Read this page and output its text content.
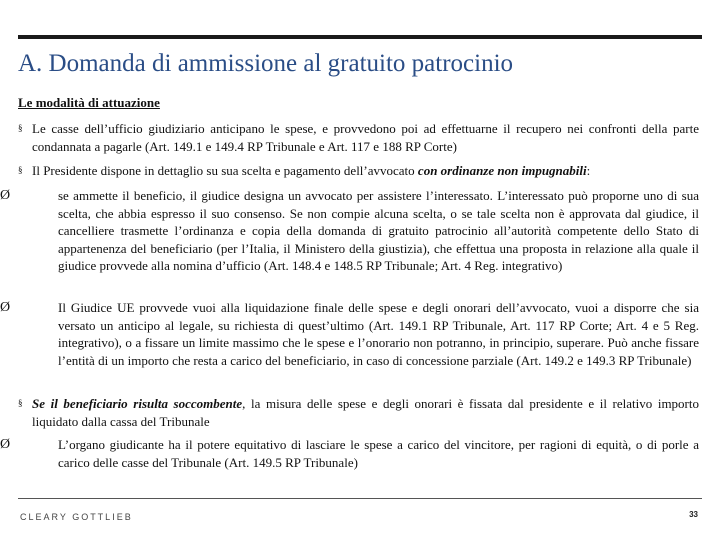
A. Domanda di ammissione al gratuito patrocinio
Le modalità di attuazione
§ Le casse dell’ufficio giudiziario anticipano le spese, e provvedono poi ad effettuarne il recupero nei confronti della parte condannata a pagarle (Art. 149.1 e 149.4 RP Tribunale e Art. 117 e 188 RP Corte)
§ Il Presidente dispone in dettaglio su sua scelta e pagamento dell’avvocato con ordinanze non impugnabili:
Ø	se ammette il beneficio, il giudice designa un avvocato per assistere l’interessato. L’interessato può proporne uno di sua scelta, che abbia espresso il suo consenso. Se non compie alcuna scelta, o se tale scelta non è approvata dal giudice, il cancelliere trasmette l’ordinanza e copia della domanda di gratuito patrocinio all’autorità competente dello Stato di appartenenza del beneficiario (per l’Italia, il Ministero della giustizia), che effettua una proposta in relazione alla quale il giudice provvede alla nomina d’ufficio (Art. 148.4 e 148.5 RP Tribunale; Art. 4 Reg. integrativo)
Ø	Il Giudice UE provvede vuoi alla liquidazione finale delle spese e degli onorari dell’avvocato, vuoi a disporre che sia versato un anticipo al legale, su richiesta di quest’ultimo (Art. 149.1 RP Tribunale, Art. 117 RP Corte; Art. 4 e 5 Reg. integrativo), o a fissare un limite massimo che le spese e l’onorario non potranno, in principio, superare. Può anche fissare l’entità di un importo che resta a carico del beneficiario, in caso di concessione parziale (Art. 149.2 e 149.3 RP Tribunale)
§ Se il beneficiario risulta soccombente, la misura delle spese e degli onorari è fissata dal presidente e il relativo importo liquidato dalla cassa del Tribunale
Ø	L’organo giudicante ha il potere equitativo di lasciare le spese a carico del vincitore, per ragioni di equità, o di porle a carico delle casse del Tribunale (Art. 149.5 RP Tribunale)
CLEARY GOTTLIEB	33
